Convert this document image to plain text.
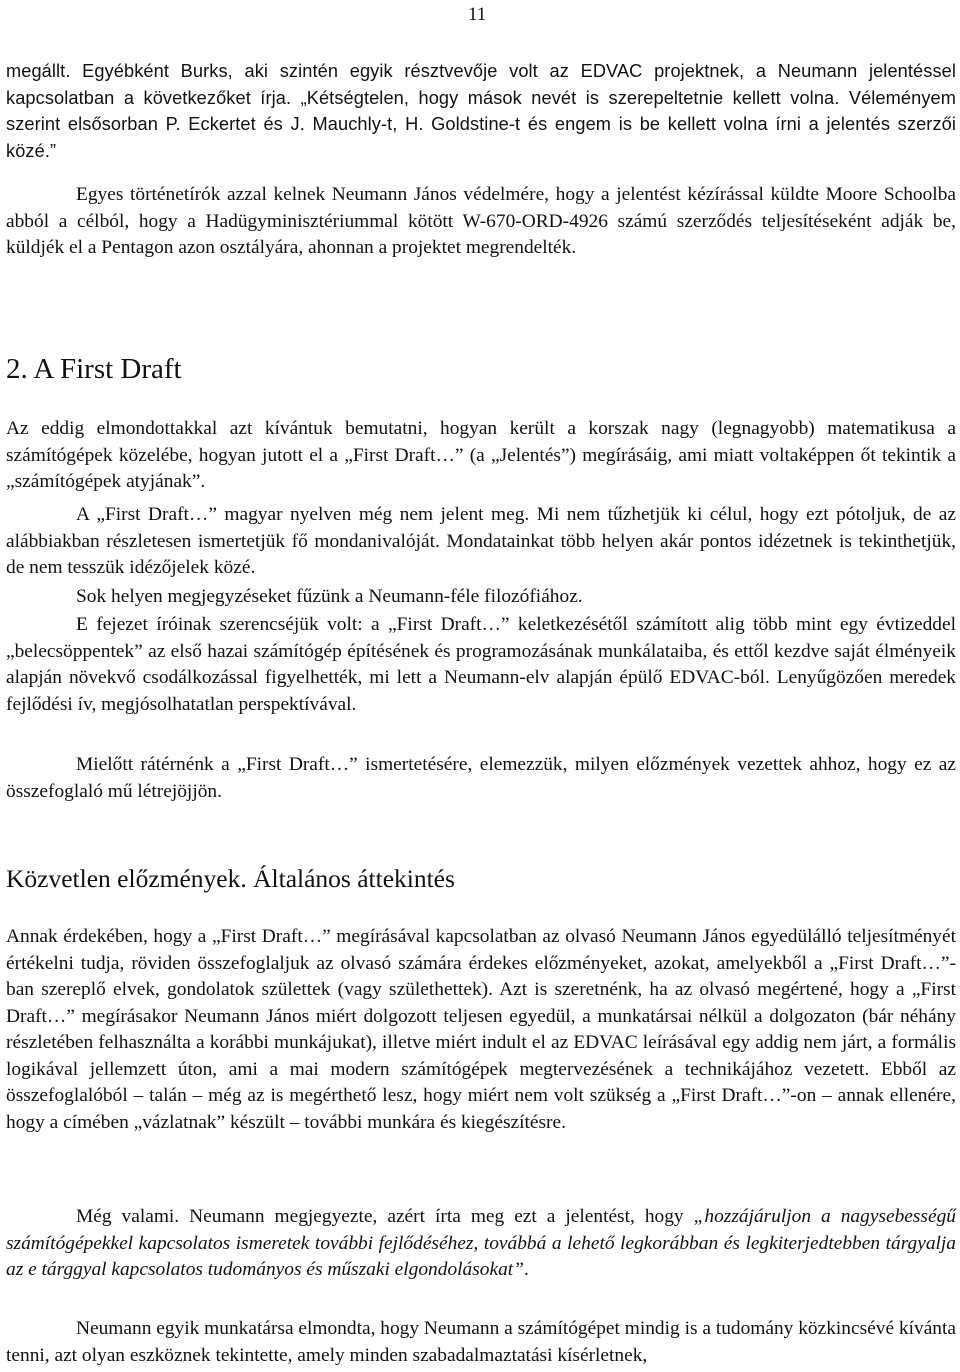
11
megállt. Egyébként Burks, aki szintén egyik résztvevője volt az EDVAC projektnek, a Neumann jelentéssel kapcsolatban a következőket írja. „Kétségtelen, hogy mások nevét is szerepeltetnie kellett volna. Véleményem szerint elsősorban P. Eckertet és J. Mauchly-t, H. Goldstine-t és engem is be kellett volna írni a jelentés szerzői közé.”
Egyes történetírók azzal kelnek Neumann János védelmére, hogy a jelentést kézírással küldte Moore Schoolba abból a célból, hogy a Hadügyminisztériummal kötött W-670-ORD-4926 számú szerződés teljesítéseként adják be, küldjék el a Pentagon azon osztályára, ahonnan a projektet megrendelték.
2. A First Draft
Az eddig elmondottakkal azt kívántuk bemutatni, hogyan került a korszak nagy (legnagyobb) matematikusa a számítógépek közelébe, hogyan jutott el a „First Draft…” (a „Jelentés”) megírásáig, ami miatt voltaképpen őt tekintik a „számítógépek atyjának”.
A „First Draft…” magyar nyelven még nem jelent meg. Mi nem tűzhetjük ki célul, hogy ezt pótoljuk, de az alábbiakban részletesen ismertetjük fő mondanivalóját. Mondatainkat több helyen akár pontos idézetnek is tekinthetjük, de nem tesszük idézőjelek közé.
Sok helyen megjegyzéseket fűzünk a Neumann-féle filozófiához.
E fejezet íróinak szerencséjük volt: a „First Draft…” keletkezésétől számított alig több mint egy évtizeddel „belecsöppentek” az első hazai számítógép építésének és programozásának munkálataiba, és ettől kezdve saját élményeik alapján növekvő csodálkozással figyelhették, mi lett a Neumann-elv alapján épülő EDVAC-ból. Lenyűgözően meredek fejlődési ív, megjósolhatatlan perspektívával.
Mielőtt rátérnénk a „First Draft…” ismertetésére, elemezzük, milyen előzmények vezettek ahhoz, hogy ez az összefoglaló mű létrejöjjön.
Közvetlen előzmények. Általános áttekintés
Annak érdekében, hogy a „First Draft…” megírásával kapcsolatban az olvasó Neumann János egyedülálló teljesítményét értékelni tudja, röviden összefoglaljuk az olvasó számára érdekes előzményeket, azokat, amelyekből a „First Draft…”-ban szereplő elvek, gondolatok születtek (vagy születhettek). Azt is szeretnénk, ha az olvasó megértené, hogy a „First Draft…” megírásakor Neumann János miért dolgozott teljesen egyedül, a munkatársai nélkül a dolgozaton (bár néhány részletében felhasználta a korábbi munkájukat), illetve miért indult el az EDVAC leírásával egy addig nem járt, a formális logikával jellemzett úton, ami a mai modern számítógépek megtervezésének a technikájához vezetett. Ebből az összefoglalóból – talán – még az is megérthető lesz, hogy miért nem volt szükség a „First Draft…”-on – annak ellenére, hogy a címében „vázlatnak” készült – további munkára és kiegészítésre.
Még valami. Neumann megjegyezte, azért írta meg ezt a jelentést, hogy „hozzájáruljon a nagysebességű számítógépekkel kapcsolatos ismeretek további fejlődéséhez, továbbá a lehető legkorábban és legkiterjedtebben tárgyalja az e tárggyal kapcsolatos tudományos és műszaki elgondolásokat”.
Neumann egyik munkatársa elmondta, hogy Neumann a számítógépet mindig is a tudomány közkincsévé kívánta tenni, azt olyan eszköznek tekintette, amely minden szabadalmaztatási kísérletnek,
